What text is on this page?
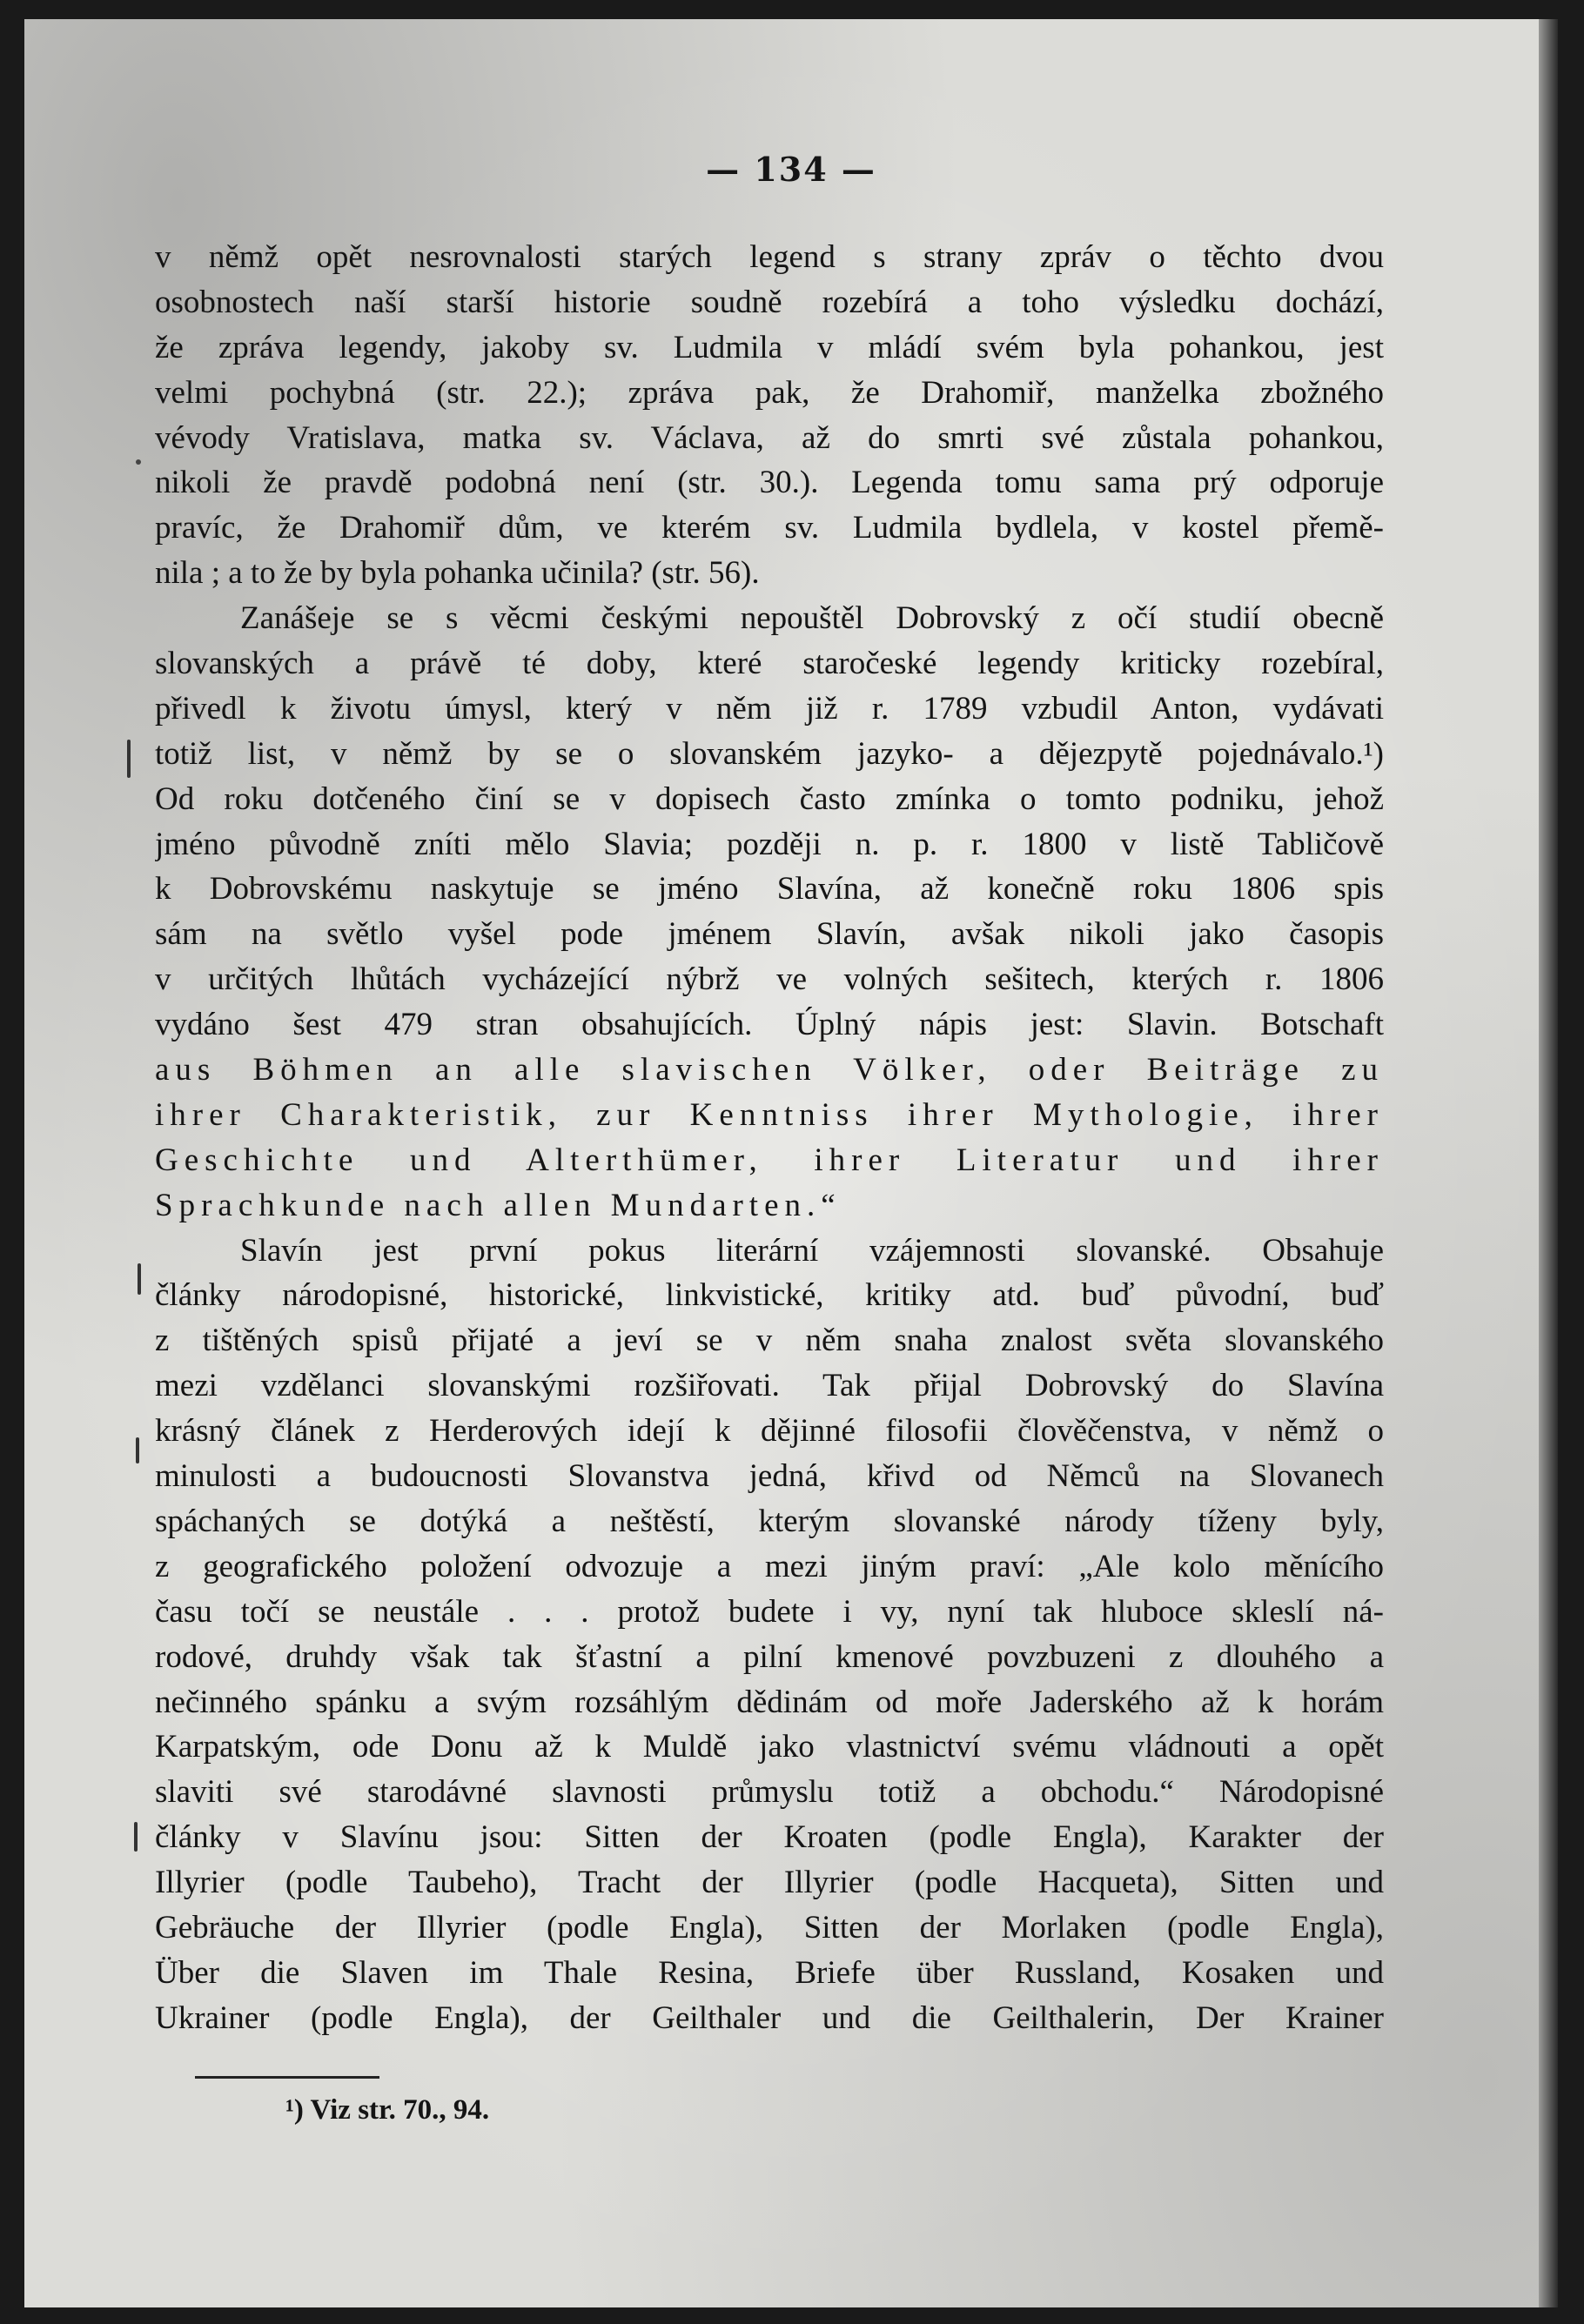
— 134 —
v němž opět nesrovnalosti starých legend s strany zpráv o těchto dvou
osobnostech naší starší historie soudně rozebírá a toho výsledku dochází,
že zpráva legendy, jakoby sv. Ludmila v mládí svém byla pohankou, jest
velmi pochybná (str. 22.); zpráva pak, že Drahomiř, manželka zbožného
vévody Vratislava, matka sv. Václava, až do smrti své zůstala pohankou,
nikoli že pravdě podobná není (str. 30.). Legenda tomu sama prý odporuje
pravíc, že Drahomiř dům, ve kterém sv. Ludmila bydlela, v kostel přemě-
nila ; a to že by byla pohanka učinila? (str. 56).
Zanášeje se s věcmi českými nepouštěl Dobrovský z očí studií obecně
slovanských a právě té doby, které staročeské legendy kriticky rozebíral,
přivedl k životu úmysl, který v něm již r. 1789 vzbudil Anton, vydávati
totiž list, v němž by se o slovanském jazyko- a dějezpytě pojednávalo.¹)
Od roku dotčeného činí se v dopisech často zmínka o tomto podniku, jehož
jméno původně zníti mělo Slavia; později n. p. r. 1800 v listě Tabličově
k Dobrovskému naskytuje se jméno Slavína, až konečně roku 1806 spis
sám na světlo vyšel pode jménem Slavín, avšak nikoli jako časopis
v určitých lhůtách vycházející nýbrž ve volných sešitech, kterých r. 1806
vydáno šest 479 stran obsahujících. Úplný nápis jest: Slavin. Botschaft
aus Böhmen an alle slavischen Völker, oder Beiträge zu
ihrer Charakteristik, zur Kenntniss ihrer Mythologie, ihrer
Geschichte und Alterthümer, ihrer Literatur und ihrer
Sprachkunde nach allen Mundarten.“
Slavín jest první pokus literární vzájemnosti slovanské. Obsahuje
články národopisné, historické, linkvistické, kritiky atd. buď původní, buď
z tištěných spisů přijaté a jeví se v něm snaha znalost světa slovanského
mezi vzdělanci slovanskými rozšiřovati. Tak přijal Dobrovský do Slavína
krásný článek z Herderových idejí k dějinné filosofii člověčenstva, v němž o
minulosti a budoucnosti Slovanstva jedná, křivd od Němců na Slovanech
spáchaných se dotýká a neštěstí, kterým slovanské národy tíženy byly,
z geografického položení odvozuje a mezi jiným praví: „Ale kolo měnícího
času točí se neustále . . . protož budete i vy, nyní tak hluboce skleslí ná-
rodové, druhdy však tak šťastní a pilní kmenové povzbuzeni z dlouhého a
nečinného spánku a svým rozsáhlým dědinám od moře Jaderského až k horám
Karpatským, ode Donu až k Muldě jako vlastnictví svému vládnouti a opět
slaviti své starodávné slavnosti průmyslu totiž a obchodu.“ Národopisné
články v Slavínu jsou: Sitten der Kroaten (podle Engla), Karakter der
Illyrier (podle Taubeho), Tracht der Illyrier (podle Hacqueta), Sitten und
Gebräuche der Illyrier (podle Engla), Sitten der Morlaken (podle Engla),
Über die Slaven im Thale Resina, Briefe über Russland, Kosaken und
Ukrainer (podle Engla), der Geilthaler und die Geilthalerin, Der Krainer
¹) Viz str. 70., 94.
